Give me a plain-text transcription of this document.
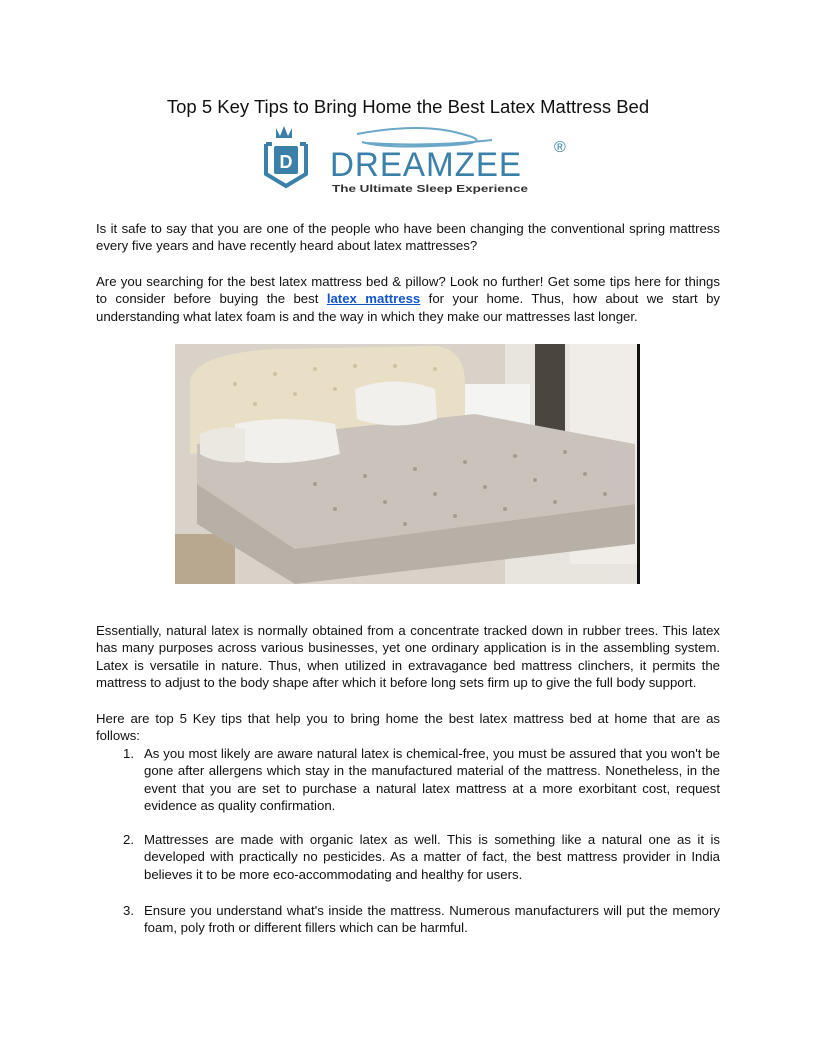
Top 5 Key Tips to Bring Home the Best Latex Mattress Bed
D DREAMZEE ®
The Ultimate Sleep Experience

Is it safe to say that you are one of the people who have been changing the conventional spring mattress every five years and have recently heard about latex mattresses?

Are you searching for the best latex mattress bed & pillow? Look no further! Get some tips here for things to consider before buying the best latex mattress for your home. Thus, how about we start by understanding what latex foam is and the way in which they make our mattresses last longer.

Essentially, natural latex is normally obtained from a concentrate tracked down in rubber trees. This latex has many purposes across various businesses, yet one ordinary application is in the assembling system. Latex is versatile in nature. Thus, when utilized in extravagance bed mattress clinchers, it permits the mattress to adjust to the body shape after which it before long sets firm up to give the full body support.

Here are top 5 Key tips that help you to bring home the best latex mattress bed at home that are as follows:

1. As you most likely are aware natural latex is chemical-free, you must be assured that you won't be gone after allergens which stay in the manufactured material of the mattress. Nonetheless, in the event that you are set to purchase a natural latex mattress at a more exorbitant cost, request evidence as quality confirmation.
2. Mattresses are made with organic latex as well. This is something like a natural one as it is developed with practically no pesticides. As a matter of fact, the best mattress provider in India believes it to be more eco-accommodating and healthy for users.
3. Ensure you understand what's inside the mattress. Numerous manufacturers will put the memory foam, poly froth or different fillers which can be harmful.
